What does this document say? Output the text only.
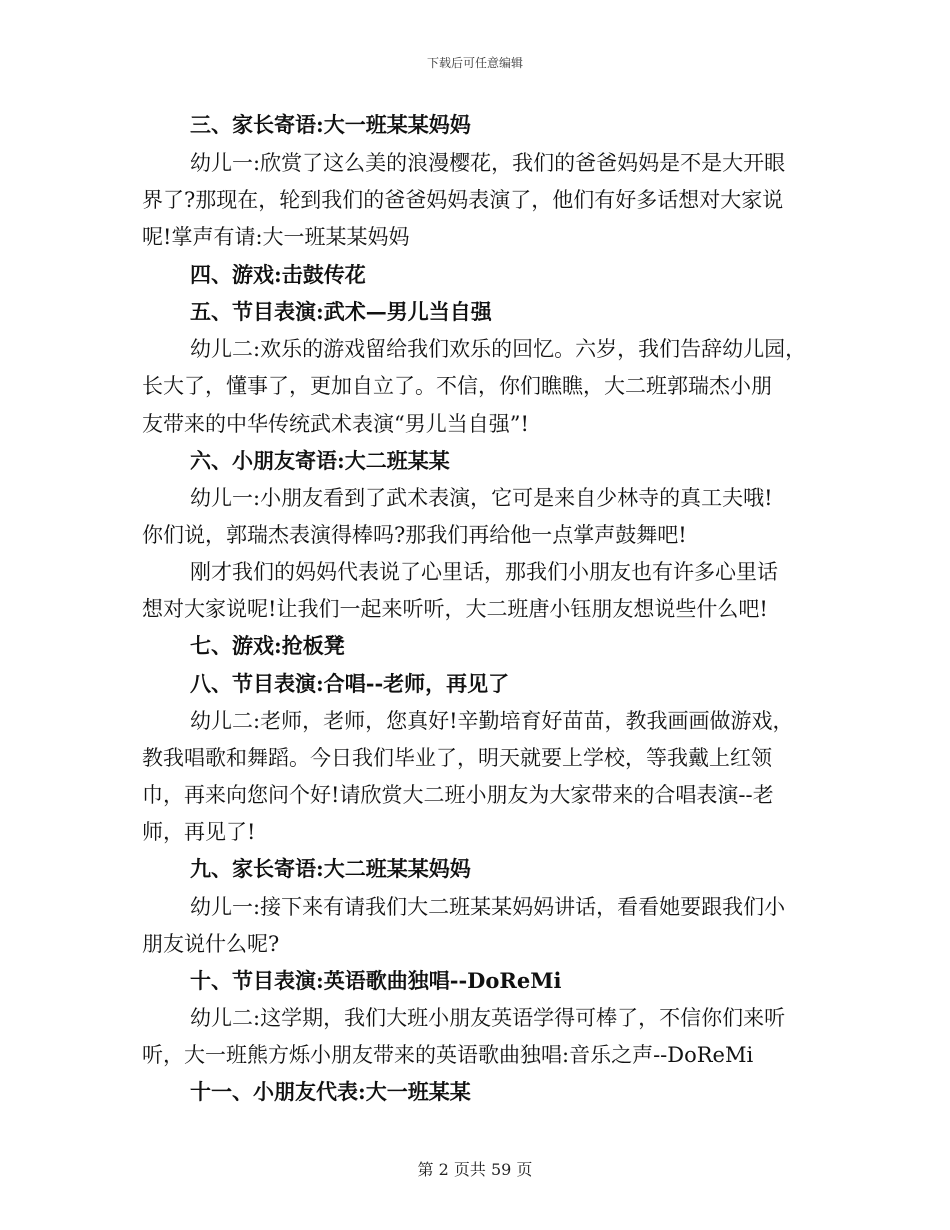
下载后可任意编辑
三、家长寄语:大一班某某妈妈
幼儿一:欣赏了这么美的浪漫樱花，我们的爸爸妈妈是不是大开眼
界了?那现在，轮到我们的爸爸妈妈表演了，他们有好多话想对大家说
呢!掌声有请:大一班某某妈妈
四、游戏:击鼓传花
五、节目表演:武术—男儿当自强
幼儿二:欢乐的游戏留给我们欢乐的回忆。六岁，我们告辞幼儿园，
长大了，懂事了，更加自立了。不信，你们瞧瞧，大二班郭瑞杰小朋
友带来的中华传统武术表演“男儿当自强”!
六、小朋友寄语:大二班某某
幼儿一:小朋友看到了武术表演，它可是来自少林寺的真工夫哦!
你们说，郭瑞杰表演得棒吗?那我们再给他一点掌声鼓舞吧!
刚才我们的妈妈代表说了心里话，那我们小朋友也有许多心里话
想对大家说呢!让我们一起来听听，大二班唐小钰朋友想说些什么吧!
七、游戏:抢板凳
八、节目表演:合唱--老师，再见了
幼儿二:老师，老师，您真好!辛勤培育好苗苗，教我画画做游戏，
教我唱歌和舞蹈。今日我们毕业了，明天就要上学校，等我戴上红领
巾，再来向您问个好!请欣赏大二班小朋友为大家带来的合唱表演--老
师，再见了!
九、家长寄语:大二班某某妈妈
幼儿一:接下来有请我们大二班某某妈妈讲话，看看她要跟我们小
朋友说什么呢?
十、节目表演:英语歌曲独唱--DoReMi
幼儿二:这学期，我们大班小朋友英语学得可棒了，不信你们来听
听，大一班熊方烁小朋友带来的英语歌曲独唱:音乐之声--DoReMi
十一、小朋友代表:大一班某某
第 2 页共 59 页
